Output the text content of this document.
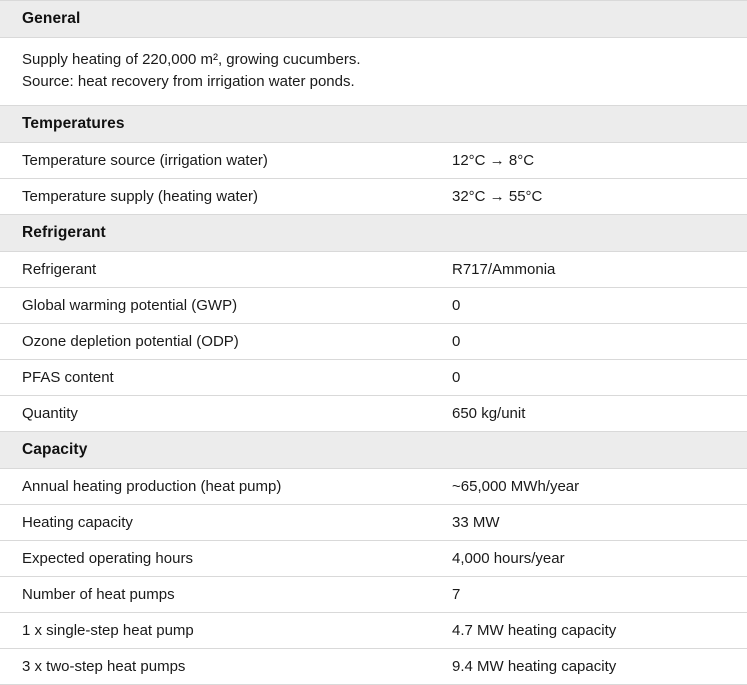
General	

Supply heating of 220,000 m², growing cucumbers.
Source: heat recovery from irrigation water ponds.	

Temperatures	
Temperature source (irrigation water)	12°C → 8°C
Temperature supply (heating water)	32°C → 55°C
Refrigerant	
Refrigerant	R717/Ammonia
Global warming potential (GWP)	0
Ozone depletion potential (ODP)	0
PFAS content	0
Quantity	650 kg/unit
Capacity	
Annual heating production (heat pump)	~65,000 MWh/year
Heating capacity	33 MW
Expected operating hours	4,000 hours/year
Number of heat pumps	7
1 x single-step heat pump	4.7 MW heating capacity
3 x two-step heat pumps	9.4 MW heating capacity
